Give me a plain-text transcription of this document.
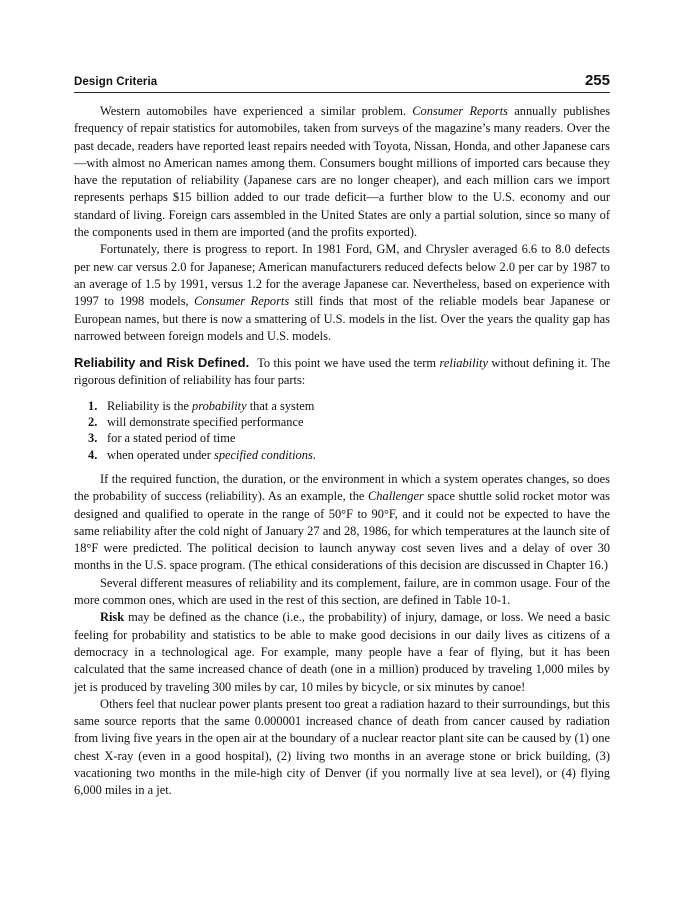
Design Criteria	255

Western automobiles have experienced a similar problem. Consumer Reports annually publishes frequency of repair statistics for automobiles, taken from surveys of the magazine’s many readers. Over the past decade, readers have reported least repairs needed with Toyota, Nissan, Honda, and other Japanese cars—with almost no American names among them. Consumers bought millions of imported cars because they have the reputation of reliability (Japanese cars are no longer cheaper), and each million cars we import represents perhaps $15 billion added to our trade deficit—a further blow to the U.S. economy and our standard of living. Foreign cars assembled in the United States are only a partial solution, since so many of the components used in them are imported (and the profits exported).

Fortunately, there is progress to report. In 1981 Ford, GM, and Chrysler averaged 6.6 to 8.0 defects per new car versus 2.0 for Japanese; American manufacturers reduced defects below 2.0 per car by 1987 to an average of 1.5 by 1991, versus 1.2 for the average Japanese car. Nevertheless, based on experience with 1997 to 1998 models, Consumer Reports still finds that most of the reliable models bear Japanese or European names, but there is now a smattering of U.S. models in the list. Over the years the quality gap has narrowed between foreign models and U.S. models.

Reliability and Risk Defined. To this point we have used the term reliability without defining it. The rigorous definition of reliability has four parts:

1. Reliability is the probability that a system
2. will demonstrate specified performance
3. for a stated period of time
4. when operated under specified conditions.

If the required function, the duration, or the environment in which a system operates changes, so does the probability of success (reliability). As an example, the Challenger space shuttle solid rocket motor was designed and qualified to operate in the range of 50°F to 90°F, and it could not be expected to have the same reliability after the cold night of January 27 and 28, 1986, for which temperatures at the launch site of 18°F were predicted. The political decision to launch anyway cost seven lives and a delay of over 30 months in the U.S. space program. (The ethical considerations of this decision are discussed in Chapter 16.)

Several different measures of reliability and its complement, failure, are in common usage. Four of the more common ones, which are used in the rest of this section, are defined in Table 10-1.

Risk may be defined as the chance (i.e., the probability) of injury, damage, or loss. We need a basic feeling for probability and statistics to be able to make good decisions in our daily lives as citizens of a democracy in a technological age. For example, many people have a fear of flying, but it has been calculated that the same increased chance of death (one in a million) produced by traveling 1,000 miles by jet is produced by traveling 300 miles by car, 10 miles by bicycle, or six minutes by canoe!

Others feel that nuclear power plants present too great a radiation hazard to their surroundings, but this same source reports that the same 0.000001 increased chance of death from cancer caused by radiation from living five years in the open air at the boundary of a nuclear reactor plant site can be caused by (1) one chest X-ray (even in a good hospital), (2) living two months in an average stone or brick building, (3) vacationing two months in the mile-high city of Denver (if you normally live at sea level), or (4) flying 6,000 miles in a jet.
